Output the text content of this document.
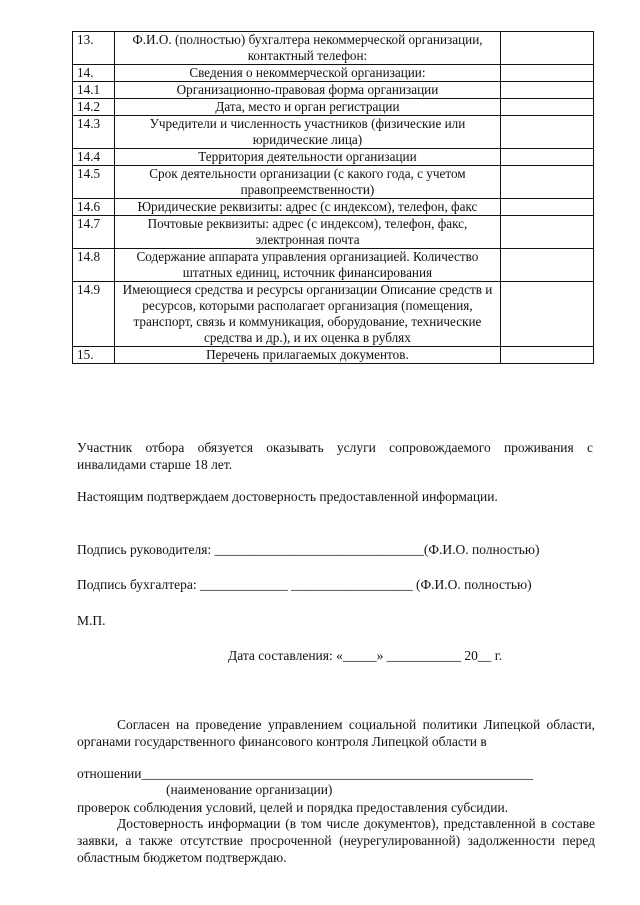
13.	Ф.И.О. (полностью) бухгалтера некоммерческой организации, контактный телефон:	
14.	Сведения о некоммерческой организации:	
14.1	Организационно-правовая форма организации	
14.2	Дата, место и орган регистрации	
14.3	Учредители и численность участников (физические или юридические лица)	
14.4	Территория деятельности организации	
14.5	Срок деятельности организации (с какого года, с учетом правопреемственности)	
14.6	Юридические реквизиты: адрес (с индексом), телефон, факс	
14.7	Почтовые реквизиты: адрес (с индексом), телефон, факс, электронная почта	
14.8	Содержание аппарата управления организацией. Количество штатных единиц, источник финансирования	
14.9	Имеющиеся средства и ресурсы организации Описание средств и ресурсов, которыми располагает организация (помещения, транспорт, связь и коммуникация, оборудование, технические средства и др.), и их оценка в рублях	
15.	Перечень прилагаемых документов.	
Участник отбора обязуется оказывать услуги сопровождаемого проживания с инвалидами старше 18 лет.
Настоящим подтверждаем достоверность предоставленной информации.
Подпись руководителя: _______________________________(Ф.И.О. полностью)
Подпись бухгалтера: _____________ __________________ (Ф.И.О. полностью)
М.П.
Дата составления: «_____» ___________ 20__ г.
Согласен на проведение управлением социальной политики Липецкой области, органами государственного финансового контроля Липецкой области в
отношении__________________________________________________________
(наименование организации)
проверок соблюдения условий, целей и порядка предоставления субсидии.
Достоверность информации (в том числе документов), представленной в составе заявки, а также отсутствие просроченной (неурегулированной) задолженности перед областным бюджетом подтверждаю.
